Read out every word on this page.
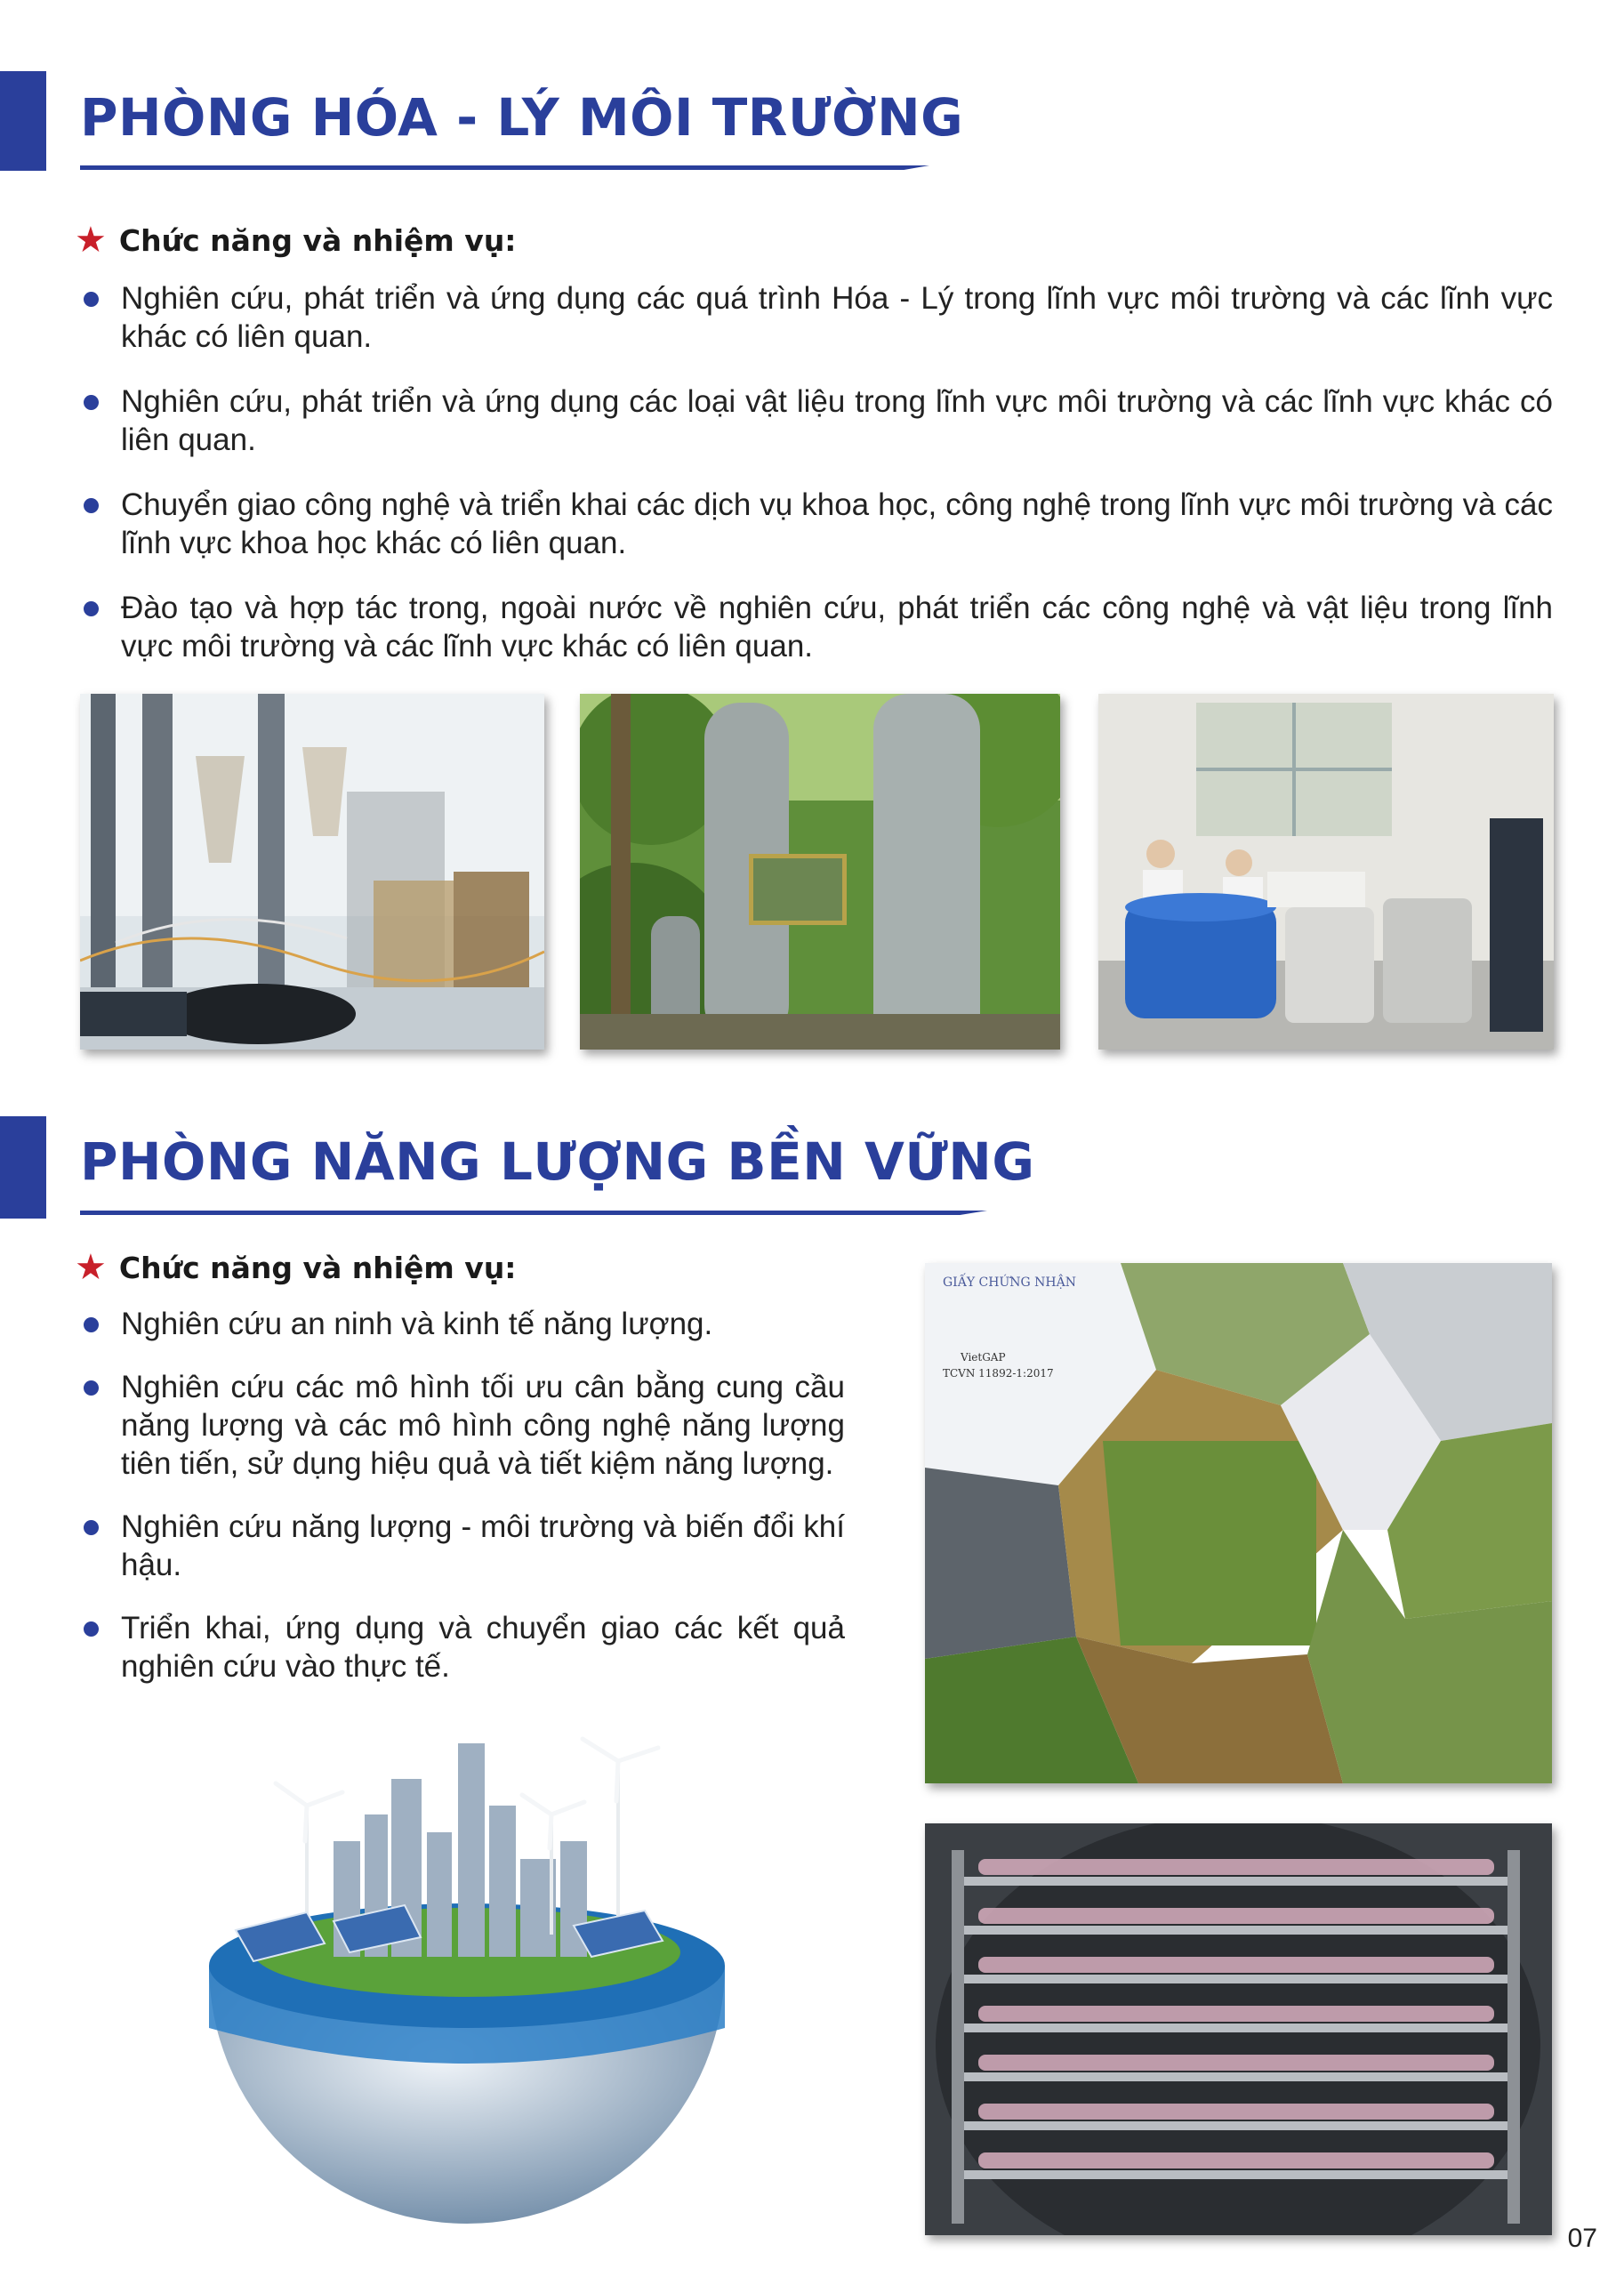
PHÒNG HÓA - LÝ MÔI TRƯỜNG
★ Chức năng và nhiệm vụ:
Nghiên cứu, phát triển và ứng dụng các quá trình Hóa - Lý trong lĩnh vực môi trường và các lĩnh vực khác có liên quan.
Nghiên cứu, phát triển và ứng dụng các loại vật liệu trong lĩnh vực môi trường và các lĩnh vực khác có liên quan.
Chuyển giao công nghệ và triển khai các dịch vụ khoa học, công nghệ trong lĩnh vực môi trường và các lĩnh vực khoa học khác có liên quan.
Đào tạo và hợp tác trong, ngoài nước về nghiên cứu, phát triển các công nghệ và vật liệu trong lĩnh vực môi trường và các lĩnh vực khác có liên quan.
PHÒNG NĂNG LƯỢNG BỀN VỮNG
★ Chức năng và nhiệm vụ:
Nghiên cứu an ninh và kinh tế năng lượng.
Nghiên cứu các mô hình tối ưu cân bằng cung cầu năng lượng và các mô hình công nghệ năng lượng tiên tiến, sử dụng hiệu quả và tiết kiệm năng lượng.
Nghiên cứu năng lượng - môi trường và biến đổi khí hậu.
Triển khai, ứng dụng và chuyển giao các kết quả nghiên cứu vào thực tế.
GIẤY CHỨNG NHẬN
VietGAP
TCVN 11892-1:2017
07
